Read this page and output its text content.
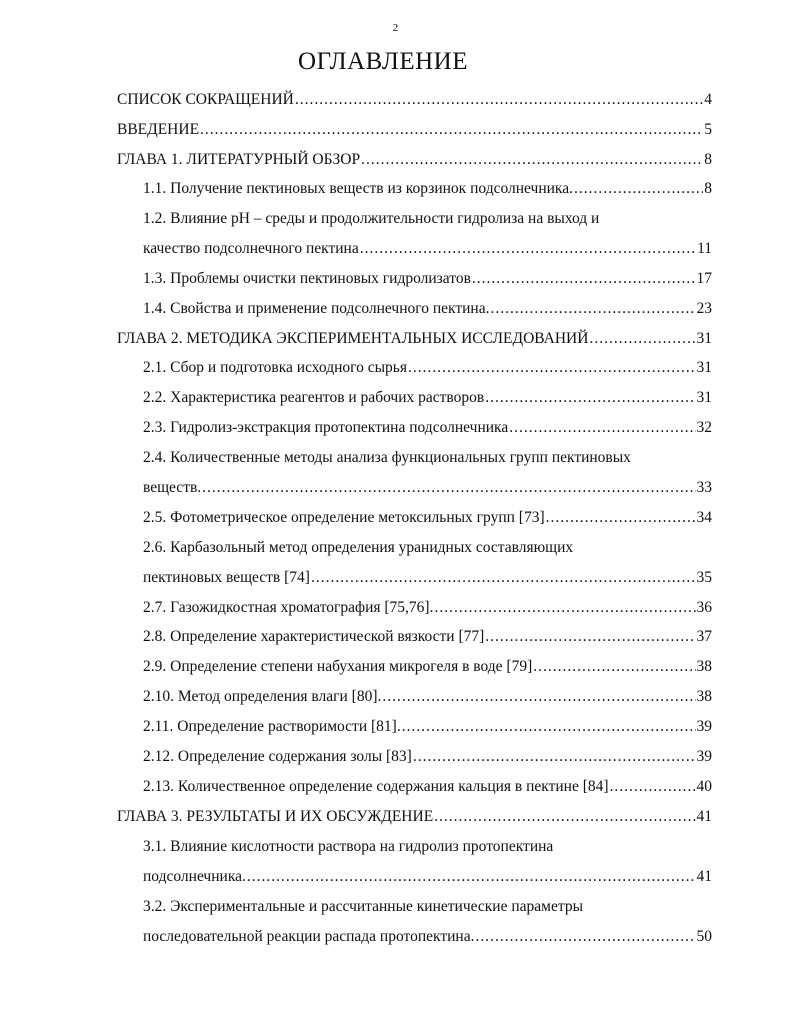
2
ОГЛАВЛЕНИЕ
СПИСОК СОКРАЩЕНИЙ .....	4
ВВЕДЕНИЕ .....	5
ГЛАВА 1. ЛИТЕРАТУРНЫЙ ОБЗОР .....	8
1.1. Получение пектиновых веществ из корзинок подсолнечника. .....	8
1.2. Влияние pH – среды и продолжительности гидролиза на выход и
качество подсолнечного пектина .....	11
1.3. Проблемы очистки пектиновых гидролизатов .....	17
1.4. Свойства и применение подсолнечного пектина. .....	23
ГЛАВА 2. МЕТОДИКА ЭКСПЕРИМЕНТАЛЬНЫХ ИССЛЕДОВАНИЙ .....	31
2.1. Сбор и подготовка исходного сырья .....	31
2.2. Характеристика реагентов и рабочих растворов .....	31
2.3. Гидролиз-экстракция протопектина подсолнечника .....	32
2.4. Количественные методы анализа функциональных групп пектиновых
веществ. .....	33
2.5. Фотометрическое определение метоксильных групп [73] .....	34
2.6. Карбазольный метод определения уранидных составляющих
пектиновых веществ [74] .....	35
2.7. Газожидкостная хроматография [75,76]. .....	36
2.8. Определение характеристической вязкости [77] .....	37
2.9. Определение степени набухания микрогеля в воде [79] .....	38
2.10. Метод определения влаги [80]. .....	38
2.11. Определение растворимости [81]. .....	39
2.12. Определение содержания золы [83] .....	39
2.13. Количественное определение содержания кальция в пектине [84] .....	40
ГЛАВА 3. РЕЗУЛЬТАТЫ И ИХ ОБСУЖДЕНИЕ .....	41
3.1. Влияние кислотности раствора на гидролиз протопектина
подсолнечника. .....	41
3.2. Экспериментальные и рассчитанные кинетические параметры
последовательной реакции распада протопектина. .....	50
